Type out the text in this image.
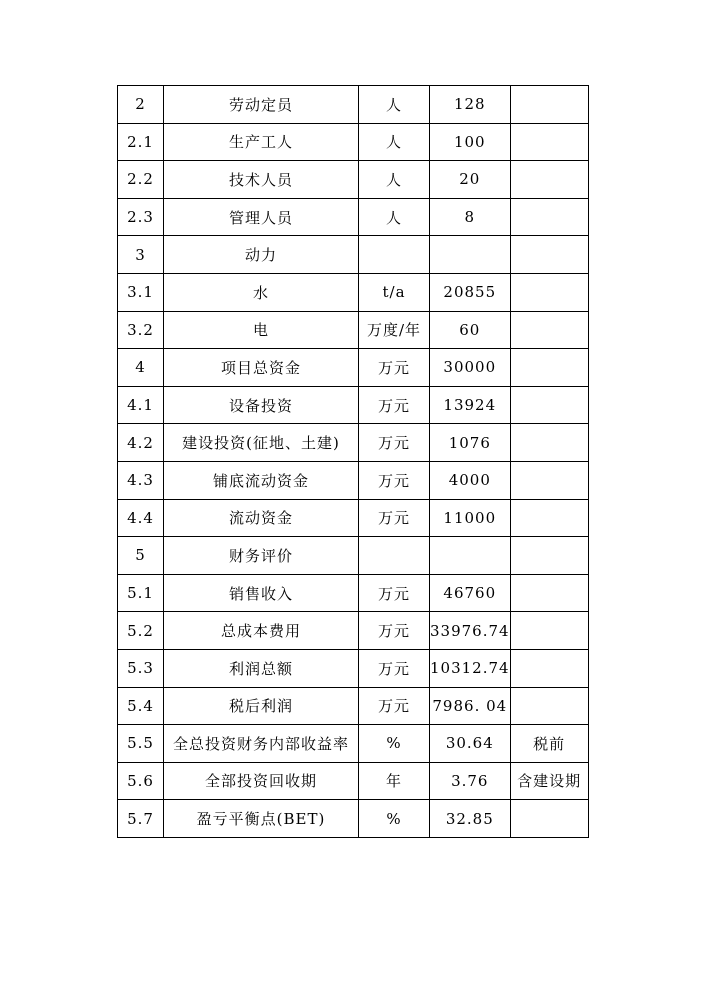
2	劳动定员	人	128	
2.1	生产工人	人	100	
2.2	技术人员	人	20	
2.3	管理人员	人	8	
3	动力			
3.1	水	t/a	20855	
3.2	电	万度/年	60	
4	项目总资金	万元	30000	
4.1	设备投资	万元	13924	
4.2	建设投资(征地、土建)	万元	1076	
4.3	铺底流动资金	万元	4000	
4.4	流动资金	万元	11000	
5	财务评价			
5.1	销售收入	万元	46760	
5.2	总成本费用	万元	33976.74	
5.3	利润总额	万元	10312.74	
5.4	税后利润	万元	7986. 04	
5.5	全总投资财务内部收益率	%	30.64	税前
5.6	全部投资回收期	年	3.76	含建设期
5.7	盈亏平衡点(BET)	%	32.85	
